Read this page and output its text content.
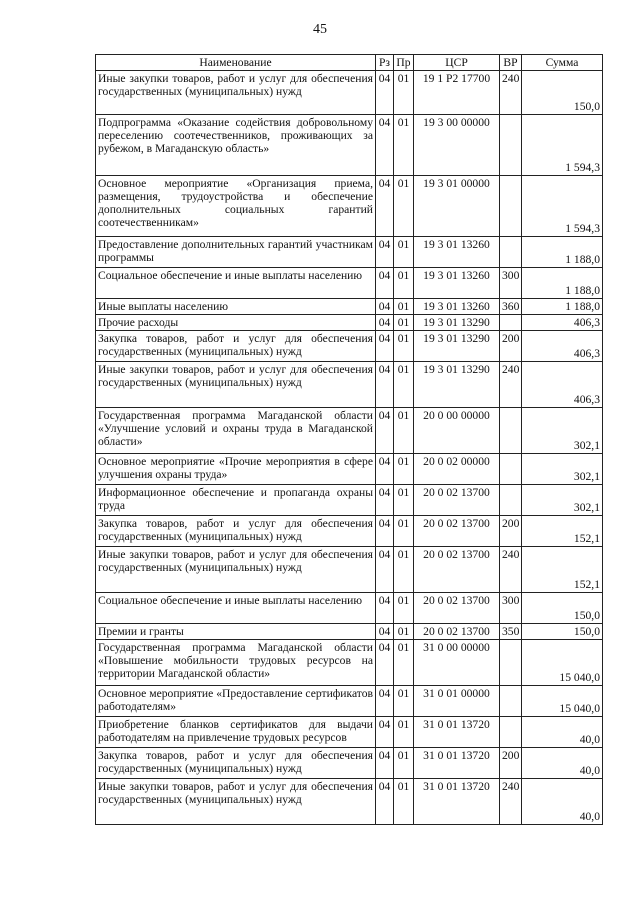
45
Наименование	Рз	Пр	ЦСР	ВР	Сумма
Иные закупки товаров, работ и услуг для обеспечения государственных (муниципальных) нужд	04	01	19 1 Р2 17700	240	150,0
Подпрограмма «Оказание содействия добровольному переселению соотечественников, проживающих за рубежом, в Магаданскую область»	04	01	19 3 00 00000		1 594,3
Основное мероприятие «Организация приема, размещения, трудоустройства и обеспечение дополнительных социальных гарантий соотечественникам»	04	01	19 3 01 00000		1 594,3
Предоставление дополнительных гарантий участникам программы	04	01	19 3 01 13260		1 188,0
Социальное обеспечение и иные выплаты населению	04	01	19 3 01 13260	300	1 188,0
Иные выплаты населению	04	01	19 3 01 13260	360	1 188,0
Прочие расходы	04	01	19 3 01 13290		406,3
Закупка товаров, работ и услуг для обеспечения государственных (муниципальных) нужд	04	01	19 3 01 13290	200	406,3
Иные закупки товаров, работ и услуг для обеспечения государственных (муниципальных) нужд	04	01	19 3 01 13290	240	406,3
Государственная программа Магаданской области «Улучшение условий и охраны труда в Магаданской области»	04	01	20 0 00 00000		302,1
Основное мероприятие «Прочие мероприятия в сфере улучшения охраны труда»	04	01	20 0 02 00000		302,1
Информационное обеспечение и пропаганда охраны труда	04	01	20 0 02 13700		302,1
Закупка товаров, работ и услуг для обеспечения государственных (муниципальных) нужд	04	01	20 0 02 13700	200	152,1
Иные закупки товаров, работ и услуг для обеспечения государственных (муниципальных) нужд	04	01	20 0 02 13700	240	152,1
Социальное обеспечение и иные выплаты населению	04	01	20 0 02 13700	300	150,0
Премии и гранты	04	01	20 0 02 13700	350	150,0
Государственная программа Магаданской области «Повышение мобильности трудовых ресурсов на территории Магаданской области»	04	01	31 0 00 00000		15 040,0
Основное мероприятие «Предоставление сертификатов работодателям»	04	01	31 0 01 00000		15 040,0
Приобретение бланков сертификатов для выдачи работодателям на привлечение трудовых ресурсов	04	01	31 0 01 13720		40,0
Закупка товаров, работ и услуг для обеспечения государственных (муниципальных) нужд	04	01	31 0 01 13720	200	40,0
Иные закупки товаров, работ и услуг для обеспечения государственных (муниципальных) нужд	04	01	31 0 01 13720	240	40,0
